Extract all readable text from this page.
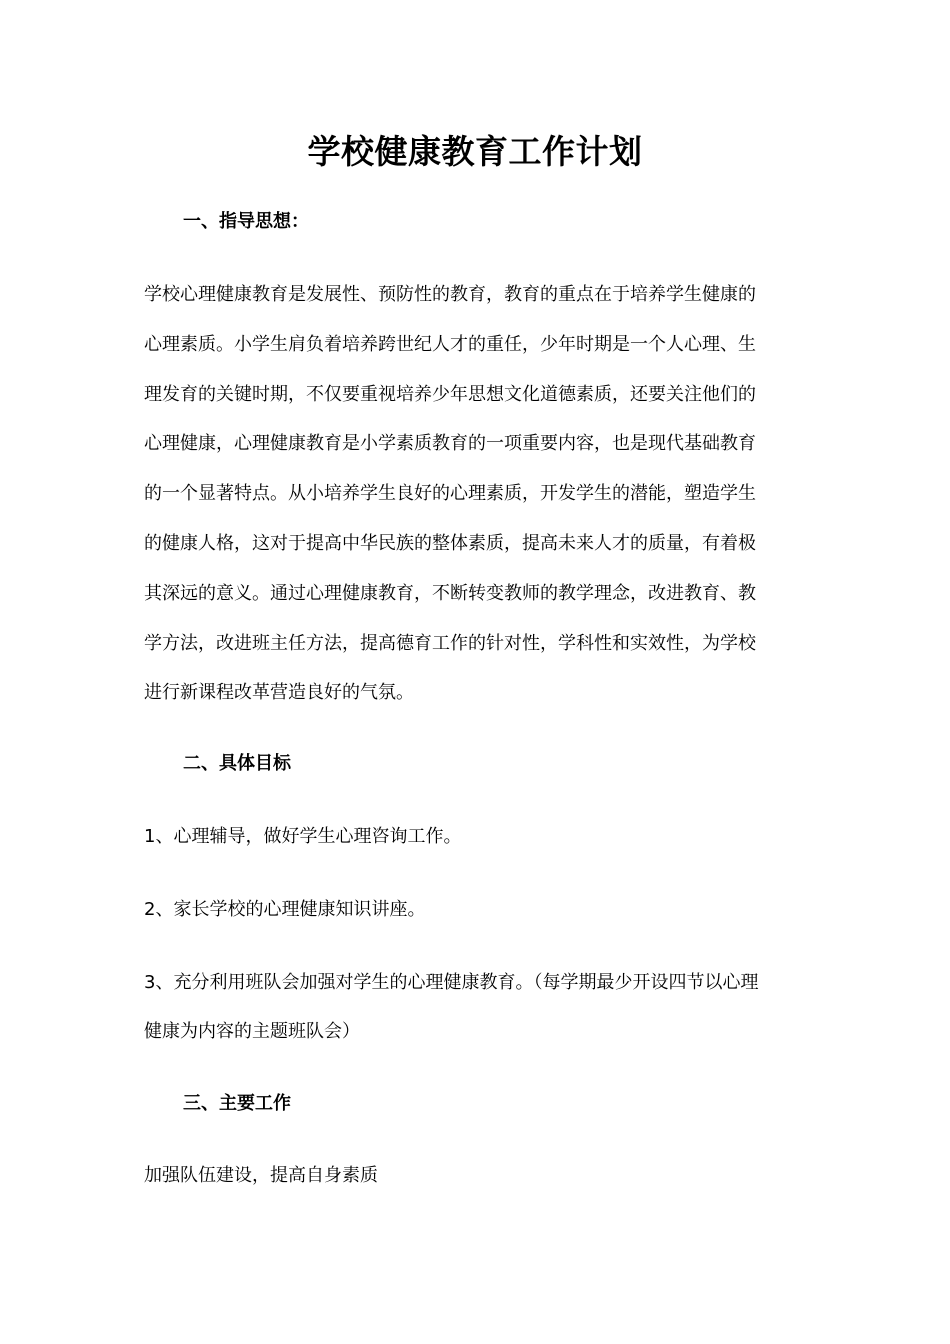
学校健康教育工作计划
一、指导思想：
学校心理健康教育是发展性、预防性的教育，教育的重点在于培养学生健康的
心理素质。小学生肩负着培养跨世纪人才的重任，少年时期是一个人心理、生
理发育的关键时期，不仅要重视培养少年思想文化道德素质，还要关注他们的
心理健康，心理健康教育是小学素质教育的一项重要内容，也是现代基础教育
的一个显著特点。从小培养学生良好的心理素质，开发学生的潜能，塑造学生
的健康人格，这对于提高中华民族的整体素质，提高未来人才的质量，有着极
其深远的意义。通过心理健康教育，不断转变教师的教学理念，改进教育、教
学方法，改进班主任方法，提高德育工作的针对性，学科性和实效性，为学校
进行新课程改革营造良好的气氛。
二、具体目标
1、心理辅导，做好学生心理咨询工作。
2、家长学校的心理健康知识讲座。
3、充分利用班队会加强对学生的心理健康教育。（每学期最少开设四节以心理
健康为内容的主题班队会）
三、主要工作
加强队伍建设，提高自身素质
